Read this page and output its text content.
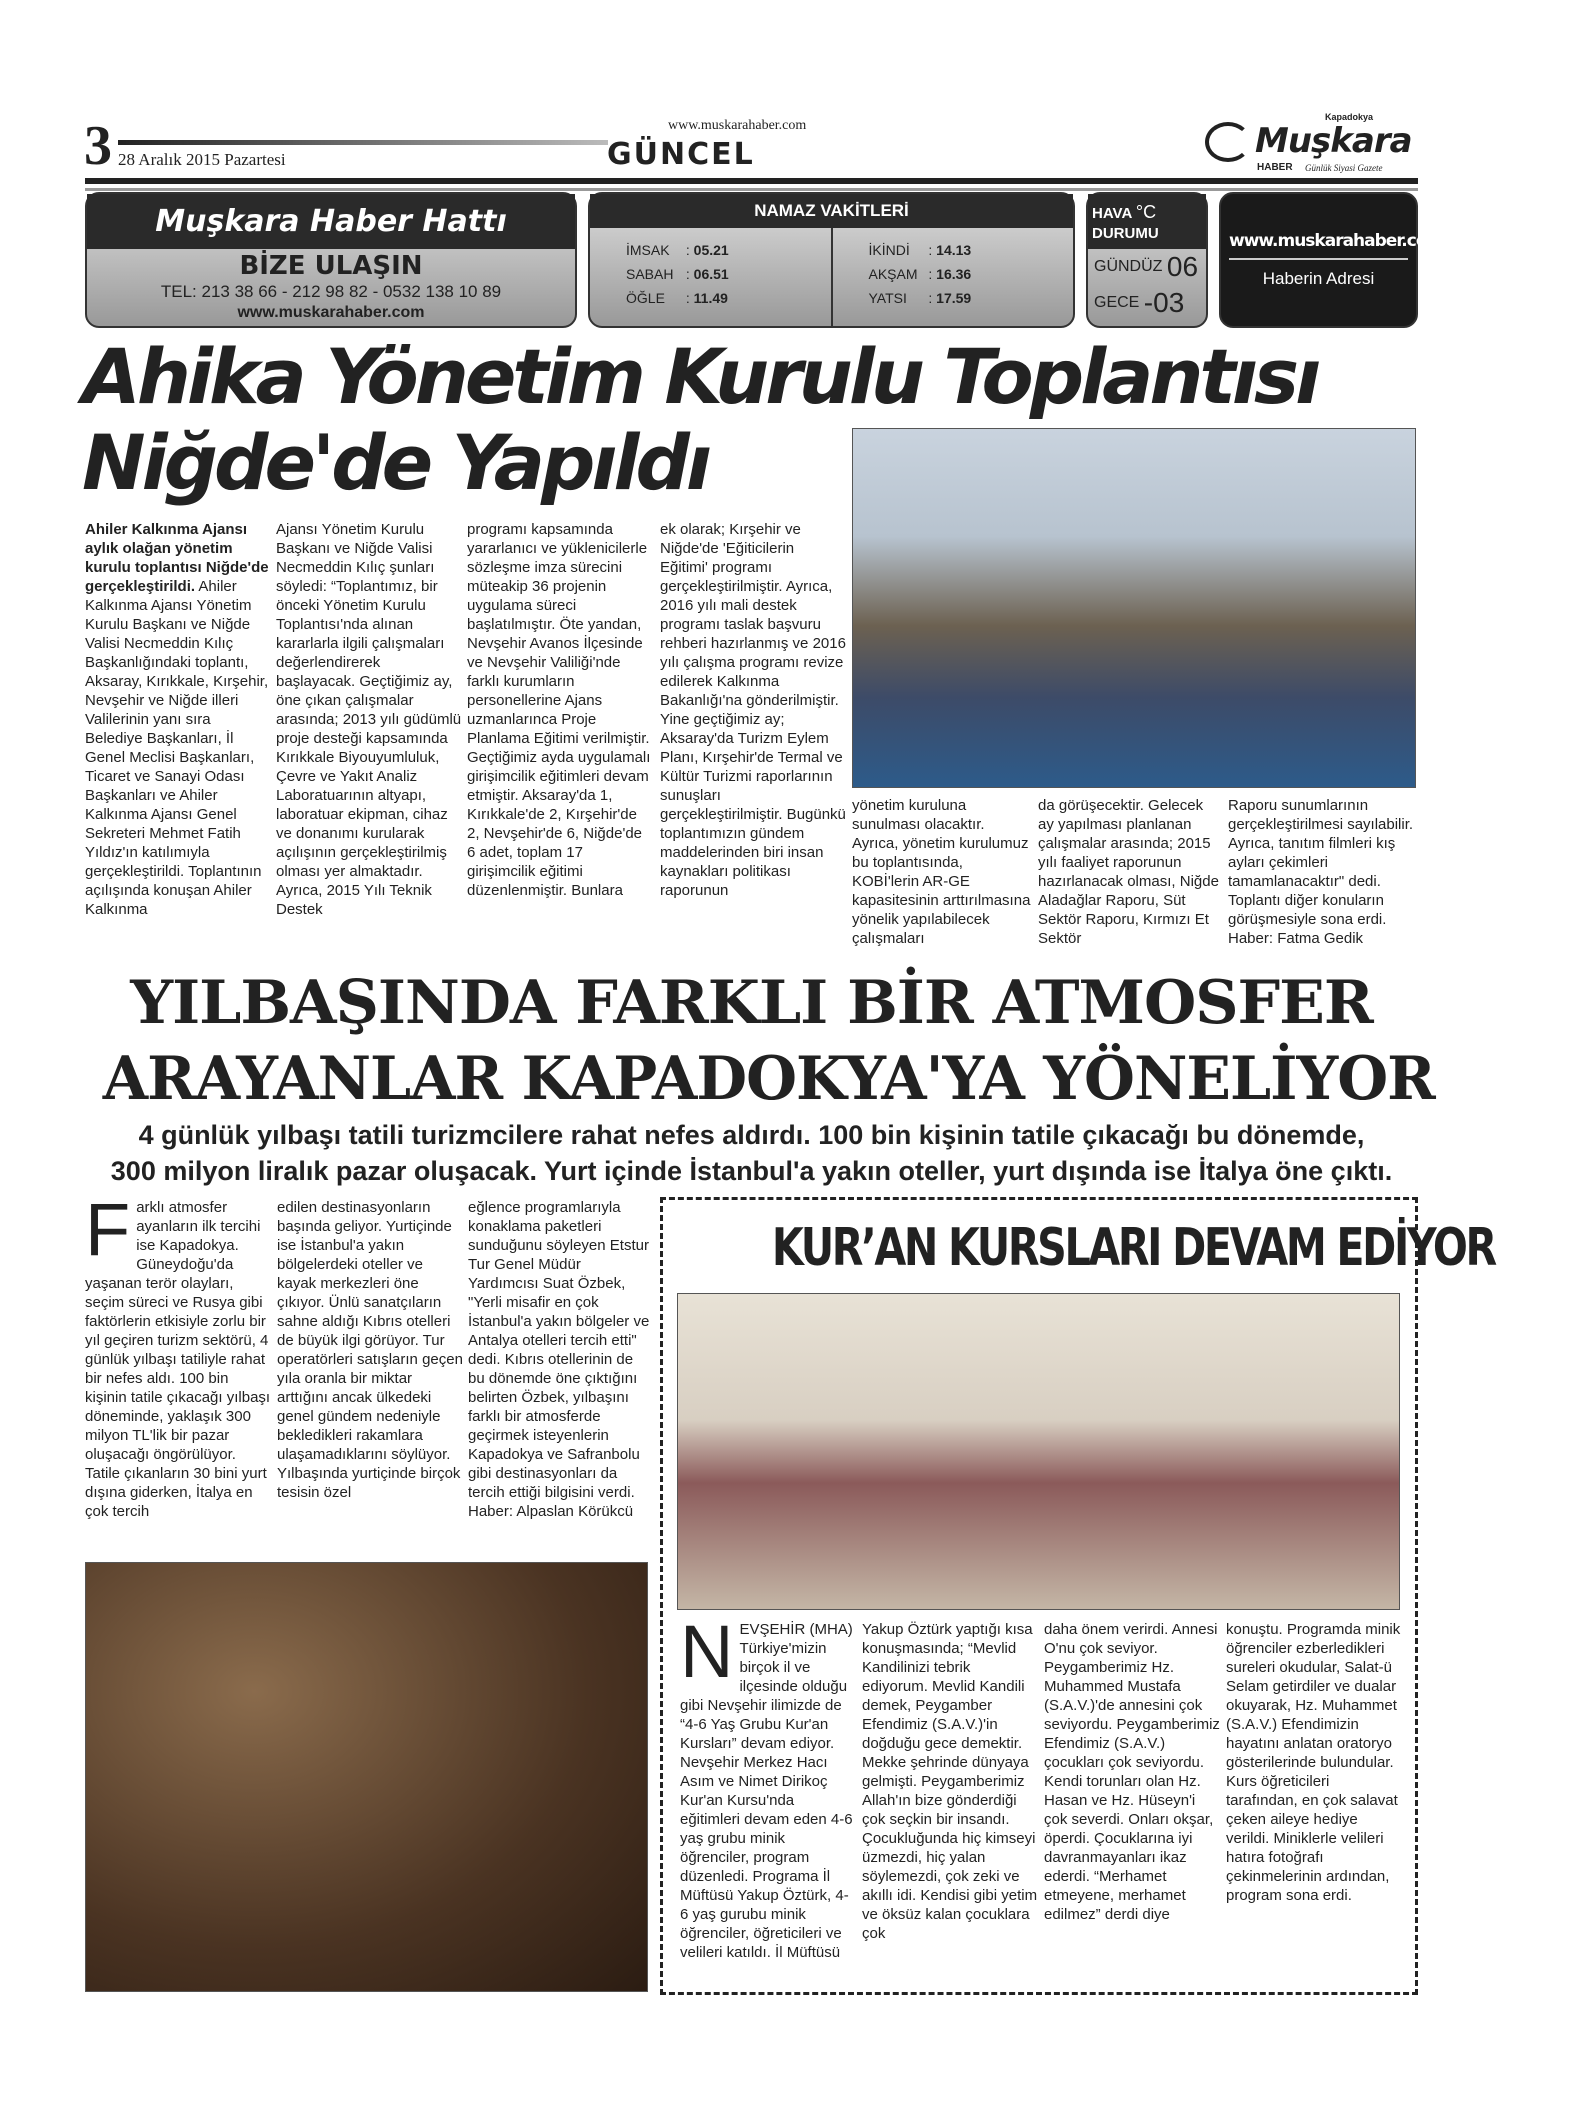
3 28 Aralık 2015 Pazartesi
www.muskarahaber.com
GÜNCEL
Kapadokya
Muşkara
HABER Günlük Siyasi Gazete
Muşkara Haber Hattı
BİZE ULAŞIN
TEL: 213 38 66 - 212 98 82 - 0532 138 10 89
www.muskarahaber.com
NAMAZ VAKİTLERİ
İMSAK : 05.21
SABAH : 06.51
ÖĞLE : 11.49
İKİNDİ : 14.13
AKŞAM : 16.36
YATSI : 17.59
HAVA °C
DURUMU
GÜNDÜZ 06
GECE -03
www.muskarahaber.com
Haberin Adresi
Ahika Yönetim Kurulu Toplantısı
Niğde'de Yapıldı
Ahiler Kalkınma Ajansı aylık olağan yönetim kurulu toplantısı Niğde'de gerçekleştirildi. Ahiler Kalkınma Ajansı Yönetim Kurulu Başkanı ve Niğde Valisi Necmeddin Kılıç Başkanlığındaki toplantı, Aksaray, Kırıkkale, Kırşehir, Nevşehir ve Niğde illeri Valilerinin yanı sıra Belediye Başkanları, İl Genel Meclisi Başkanları, Ticaret ve Sanayi Odası Başkanları ve Ahiler Kalkınma Ajansı Genel Sekreteri Mehmet Fatih Yıldız'ın katılımıyla gerçekleştirildi. Toplantının açılışında konuşan Ahiler Kalkınma
Ajansı Yönetim Kurulu Başkanı ve Niğde Valisi Necmeddin Kılıç şunları söyledi: “Toplantımız, bir önceki Yönetim Kurulu Toplantısı'nda alınan kararlarla ilgili çalışmaları değerlendirerek başlayacak. Geçtiğimiz ay, öne çıkan çalışmalar arasında; 2013 yılı güdümlü proje desteği kapsamında Kırıkkale Biyouyumluluk, Çevre ve Yakıt Analiz Laboratuarının altyapı, laboratuar ekipman, cihaz ve donanımı kurularak açılışının gerçekleştirilmiş olması yer almaktadır. Ayrıca, 2015 Yılı Teknik Destek
programı kapsamında yararlanıcı ve yüklenicilerle sözleşme imza sürecini müteakip 36 projenin uygulama süreci başlatılmıştır. Öte yandan, Nevşehir Avanos İlçesinde ve Nevşehir Valiliği'nde farklı kurumların personellerine Ajans uzmanlarınca Proje Planlama Eğitimi verilmiştir. Geçtiğimiz ayda uygulamalı girişimcilik eğitimleri devam etmiştir. Aksaray'da 1, Kırıkkale'de 2, Kırşehir'de 2, Nevşehir'de 6, Niğde'de 6 adet, toplam 17 girişimcilik eğitimi düzenlenmiştir. Bunlara
ek olarak; Kırşehir ve Niğde'de 'Eğiticilerin Eğitimi' programı gerçekleştirilmiştir. Ayrıca, 2016 yılı mali destek programı taslak başvuru rehberi hazırlanmış ve 2016 yılı çalışma programı revize edilerek Kalkınma Bakanlığı'na gönderilmiştir. Yine geçtiğimiz ay; Aksaray'da Turizm Eylem Planı, Kırşehir'de Termal ve Kültür Turizmi raporlarının sunuşları gerçekleştirilmiştir. Bugünkü toplantımızın gündem maddelerinden biri insan kaynakları politikası raporunun
yönetim kuruluna sunulması olacaktır. Ayrıca, yönetim kurulumuz bu toplantısında, KOBİ'lerin AR-GE kapasitesinin arttırılmasına yönelik yapılabilecek çalışmaları
da görüşecektir. Gelecek ay yapılması planlanan çalışmalar arasında; 2015 yılı faaliyet raporunun hazırlanacak olması, Niğde Aladağlar Raporu, Süt Sektör Raporu, Kırmızı Et Sektör
Raporu sunumlarının gerçekleştirilmesi sayılabilir. Ayrıca, tanıtım filmleri kış ayları çekimleri tamamlanacaktır" dedi. Toplantı diğer konuların görüşmesiyle sona erdi. Haber: Fatma Gedik
YILBAŞINDA FARKLI BİR ATMOSFER
ARAYANLAR KAPADOKYA'YA YÖNELİYOR
4 günlük yılbaşı tatili turizmcilere rahat nefes aldırdı. 100 bin kişinin tatile çıkacağı bu dönemde,
300 milyon liralık pazar oluşacak. Yurt içinde İstanbul'a yakın oteller, yurt dışında ise İtalya öne çıktı.
Farklı atmosfer ayanların ilk tercihi ise Kapadokya. Güneydoğu'da yaşanan terör olayları, seçim süreci ve Rusya gibi faktörlerin etkisiyle zorlu bir yıl geçiren turizm sektörü, 4 günlük yılbaşı tatiliyle rahat bir nefes aldı. 100 bin kişinin tatile çıkacağı yılbaşı döneminde, yaklaşık 300 milyon TL'lik bir pazar oluşacağı öngörülüyor. Tatile çıkanların 30 bini yurt dışına giderken, İtalya en çok tercih
edilen destinasyonların başında geliyor. Yurtiçinde ise İstanbul'a yakın bölgelerdeki oteller ve kayak merkezleri öne çıkıyor. Ünlü sanatçıların sahne aldığı Kıbrıs otelleri de büyük ilgi görüyor. Tur operatörleri satışların geçen yıla oranla bir miktar arttığını ancak ülkedeki genel gündem nedeniyle bekledikleri rakamlara ulaşamadıklarını söylüyor. Yılbaşında yurtiçinde birçok tesisin özel
eğlence programlarıyla konaklama paketleri sunduğunu söyleyen Etstur Tur Genel Müdür Yardımcısı Suat Özbek, "Yerli misafir en çok İstanbul'a yakın bölgeler ve Antalya otelleri tercih etti" dedi. Kıbrıs otellerinin de bu dönemde öne çıktığını belirten Özbek, yılbaşını farklı bir atmosferde geçirmek isteyenlerin Kapadokya ve Safranbolu gibi destinasyonları da tercih ettiği bilgisini verdi. Haber: Alpaslan Körükcü
KUR’AN KURSLARI DEVAM EDİYOR
NEVŞEHİR (MHA) Türkiye'mizin birçok il ve ilçesinde olduğu gibi Nevşehir ilimizde de “4-6 Yaş Grubu Kur'an Kursları” devam ediyor. Nevşehir Merkez Hacı Asım ve Nimet Dirikoç Kur'an Kursu'nda eğitimleri devam eden 4-6 yaş grubu minik öğrenciler, program düzenledi. Programa İl Müftüsü Yakup Öztürk, 4-6 yaş gurubu minik öğrenciler, öğreticileri ve velileri katıldı. İl Müftüsü
Yakup Öztürk yaptığı kısa konuşmasında; “Mevlid Kandilinizi tebrik ediyorum. Mevlid Kandili demek, Peygamber Efendimiz (S.A.V.)'in doğduğu gece demektir. Mekke şehrinde dünyaya gelmişti. Peygamberimiz Allah'ın bize gönderdiği çok seçkin bir insandı. Çocukluğunda hiç kimseyi üzmezdi, hiç yalan söylemezdi, çok zeki ve akıllı idi. Kendisi gibi yetim ve öksüz kalan çocuklara çok
daha önem verirdi. Annesi O'nu çok seviyor. Peygamberimiz Hz. Muhammed Mustafa (S.A.V.)'de annesini çok seviyordu. Peygamberimiz Efendimiz (S.A.V.) çocukları çok seviyordu. Kendi torunları olan Hz. Hasan ve Hz. Hüseyn'i çok severdi. Onları okşar, öperdi. Çocuklarına iyi davranmayanları ikaz ederdi. “Merhamet etmeyene, merhamet edilmez” derdi diye
konuştu. Programda minik öğrenciler ezberledikleri sureleri okudular, Salat-ü Selam getirdiler ve dualar okuyarak, Hz. Muhammet (S.A.V.) Efendimizin hayatını anlatan oratoryo gösterilerinde bulundular. Kurs öğreticileri tarafından, en çok salavat çeken aileye hediye verildi. Miniklerle velileri hatıra fotoğrafı çekinmelerinin ardından, program sona erdi.
